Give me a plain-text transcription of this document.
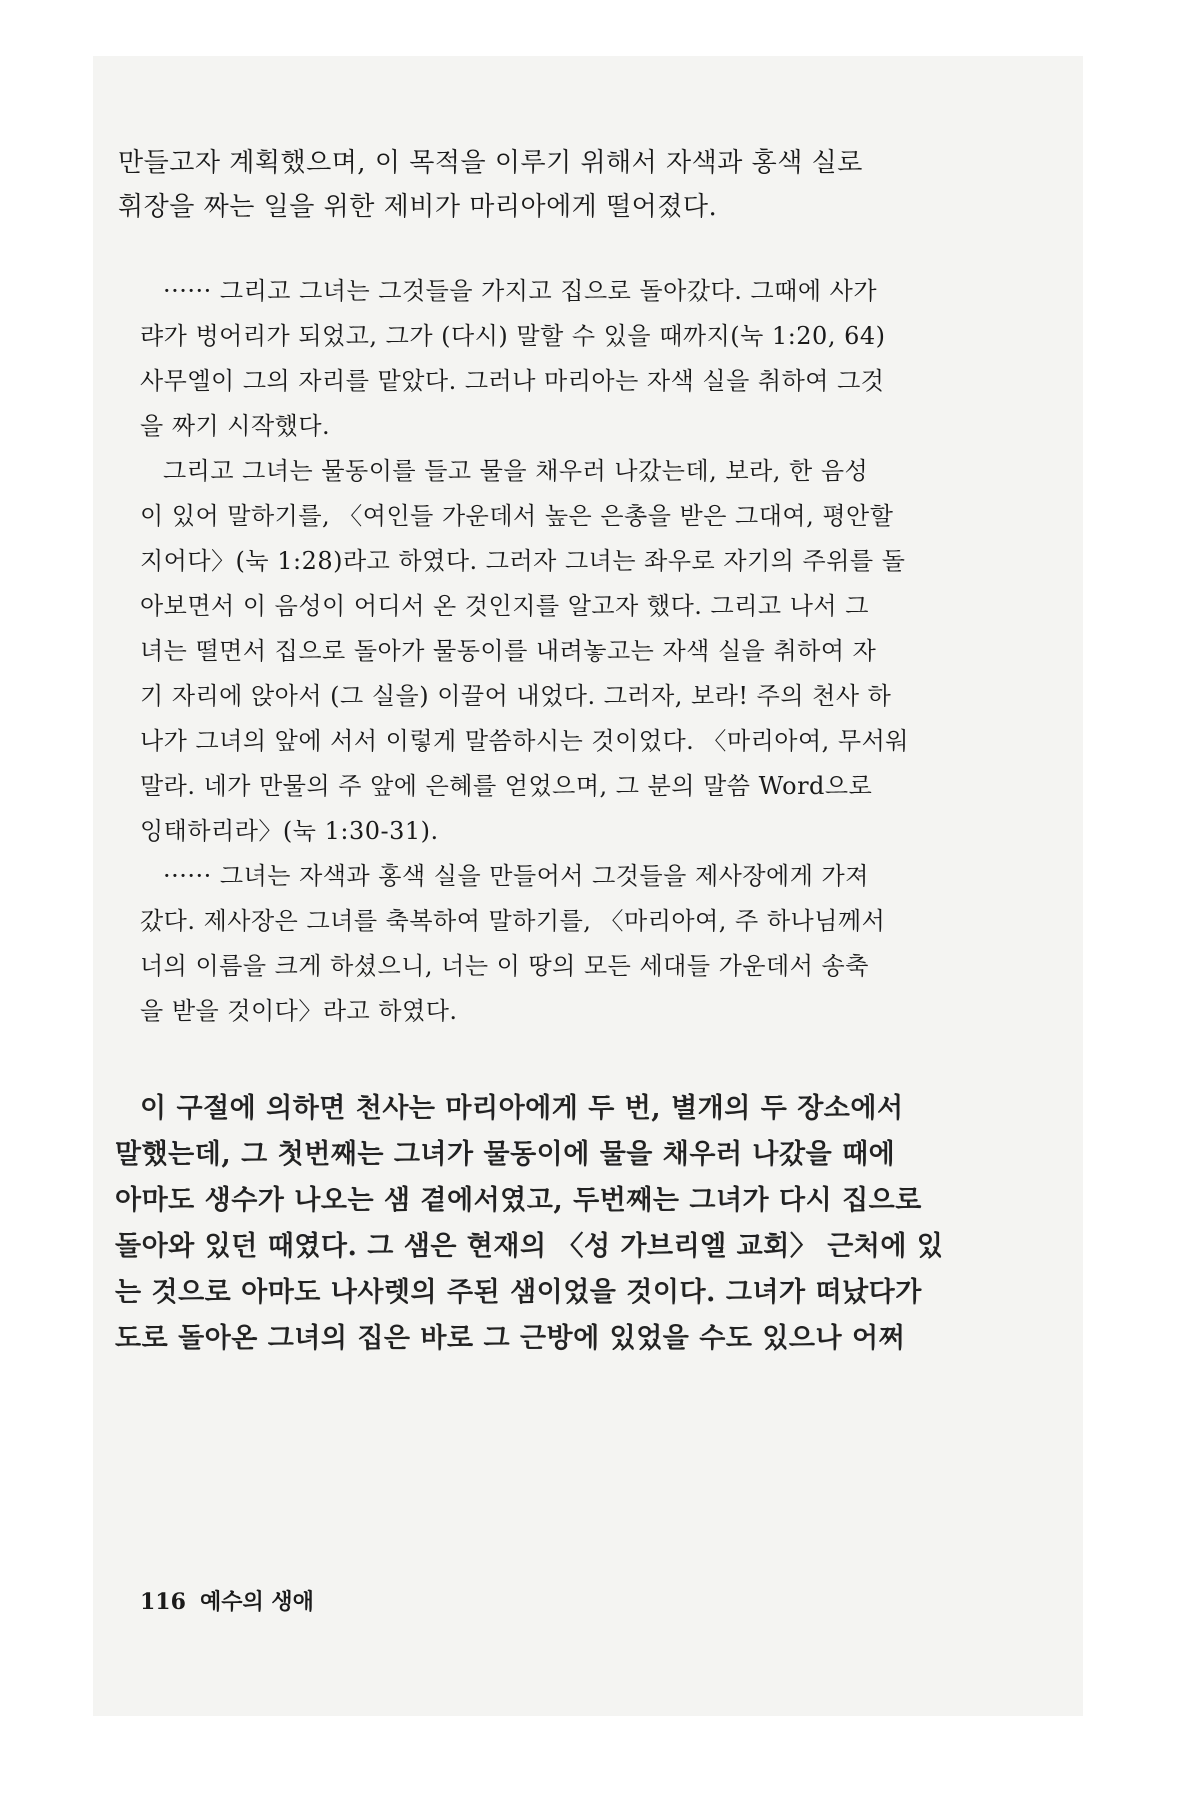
만들고자 계획했으며, 이 목적을 이루기 위해서 자색과 홍색 실로

휘장을 짜는 일을 위한 제비가 마리아에게 떨어졌다.

······ 그리고 그녀는 그것들을 가지고 집으로 돌아갔다. 그때에 사가

랴가 벙어리가 되었고, 그가 (다시) 말할 수 있을 때까지(눅 1:20, 64)

사무엘이 그의 자리를 맡았다. 그러나 마리아는 자색 실을 취하여 그것

을 짜기 시작했다.

그리고 그녀는 물동이를 들고 물을 채우러 나갔는데, 보라, 한 음성

이 있어 말하기를, 〈여인들 가운데서 높은 은총을 받은 그대여, 평안할

지어다〉(눅 1:28)라고 하였다. 그러자 그녀는 좌우로 자기의 주위를 돌

아보면서 이 음성이 어디서 온 것인지를 알고자 했다. 그리고 나서 그

녀는 떨면서 집으로 돌아가 물동이를 내려놓고는 자색 실을 취하여 자

기 자리에 앉아서 (그 실을) 이끌어 내었다. 그러자, 보라! 주의 천사 하

나가 그녀의 앞에 서서 이렇게 말씀하시는 것이었다. 〈마리아여, 무서워

말라. 네가 만물의 주 앞에 은혜를 얻었으며, 그 분의 말씀 Word으로

잉태하리라〉(눅 1:30-31).

······ 그녀는 자색과 홍색 실을 만들어서 그것들을 제사장에게 가져

갔다. 제사장은 그녀를 축복하여 말하기를, 〈마리아여, 주 하나님께서

너의 이름을 크게 하셨으니, 너는 이 땅의 모든 세대들 가운데서 송축

을 받을 것이다〉라고 하였다.

이 구절에 의하면 천사는 마리아에게 두 번, 별개의 두 장소에서

말했는데, 그 첫번째는 그녀가 물동이에 물을 채우러 나갔을 때에

아마도 생수가 나오는 샘 곁에서였고, 두번째는 그녀가 다시 집으로

돌아와 있던 때였다. 그 샘은 현재의 〈성 가브리엘 교회〉 근처에 있

는 것으로 아마도 나사렛의 주된 샘이었을 것이다. 그녀가 떠났다가

도로 돌아온 그녀의 집은 바로 그 근방에 있었을 수도 있으나 어쩌

116 예수의 생애
